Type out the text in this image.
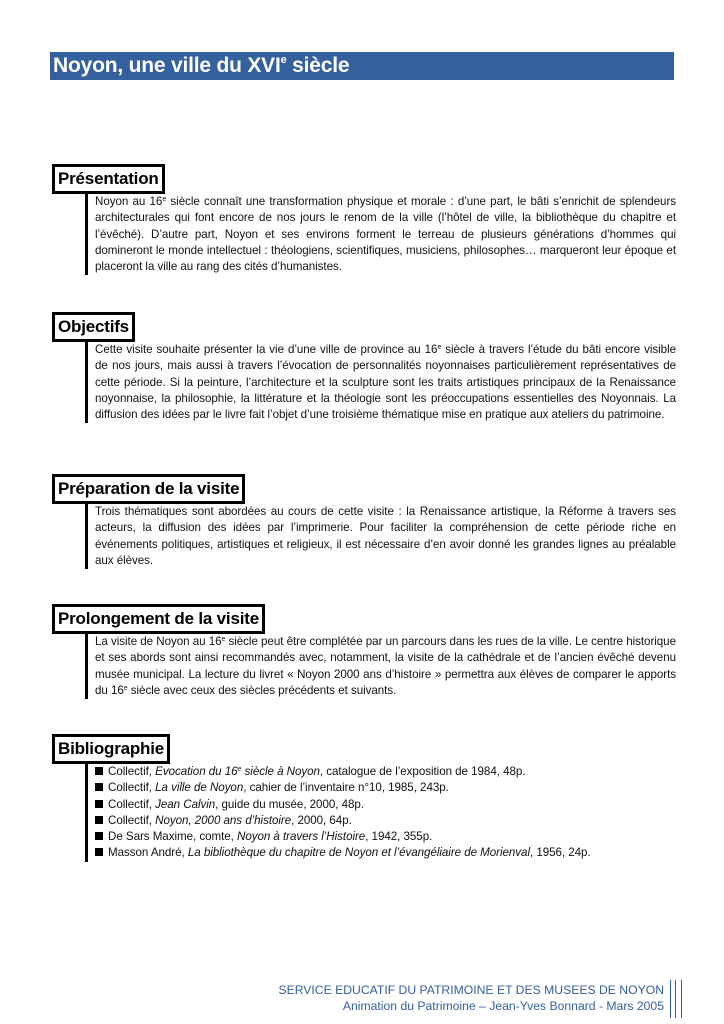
Noyon, une ville du XVIe siècle
Présentation
Noyon au 16e siècle connaît une transformation physique et morale : d’une part, le bâti s’enrichit de splendeurs architecturales qui font encore de nos jours le renom de la ville (l’hôtel de ville, la bibliothèque du chapitre et l’évêché). D’autre part, Noyon et ses environs forment le terreau de plusieurs générations d’hommes qui domineront le monde intellectuel : théologiens, scientifiques, musiciens, philosophes… marqueront leur époque et placeront la ville au rang des cités d’humanistes.
Objectifs
Cette visite souhaite présenter la vie d’une ville de province au 16e siècle à travers l’étude du bâti encore visible de nos jours, mais aussi à travers l’évocation de personnalités noyonnaises particulièrement représentatives de cette période. Si la peinture, l’architecture et la sculpture sont les traits artistiques principaux de la Renaissance noyonnaise, la philosophie, la littérature et la théologie sont les préoccupations essentielles des Noyonnais. La diffusion des idées par le livre fait l’objet d’une troisième thématique mise en pratique aux ateliers du patrimoine.
Préparation de la visite
Trois thématiques sont abordées au cours de cette visite : la Renaissance artistique, la Réforme à travers ses acteurs, la diffusion des idées par l’imprimerie. Pour faciliter la compréhension de cette période riche en événements politiques, artistiques et religieux, il est nécessaire d’en avoir donné les grandes lignes au préalable aux élèves.
Prolongement de la visite
La visite de Noyon au 16e siècle peut être complétée par un parcours dans les rues de la ville. Le centre historique et ses abords sont ainsi recommandés avec, notamment, la visite de la cathédrale et de l’ancien évêché devenu musée municipal. La lecture du livret « Noyon 2000 ans d’histoire » permettra aux élèves de comparer le apports du 16e siècle avec ceux des siècles précédents et suivants.
Bibliographie
Collectif, Evocation du 16e siècle à Noyon, catalogue de l’exposition de 1984, 48p.
Collectif, La ville de Noyon, cahier de l’inventaire n°10, 1985, 243p.
Collectif, Jean Calvin, guide du musée, 2000, 48p.
Collectif, Noyon, 2000 ans d’histoire, 2000, 64p.
De Sars Maxime, comte, Noyon à travers l’Histoire, 1942, 355p.
Masson André, La bibliothèque du chapitre de Noyon et l’évangéliaire de Morienval, 1956, 24p.
SERVICE EDUCATIF DU PATRIMOINE ET DES MUSEES DE NOYON
Animation du Patrimoine – Jean-Yves Bonnard - Mars 2005
